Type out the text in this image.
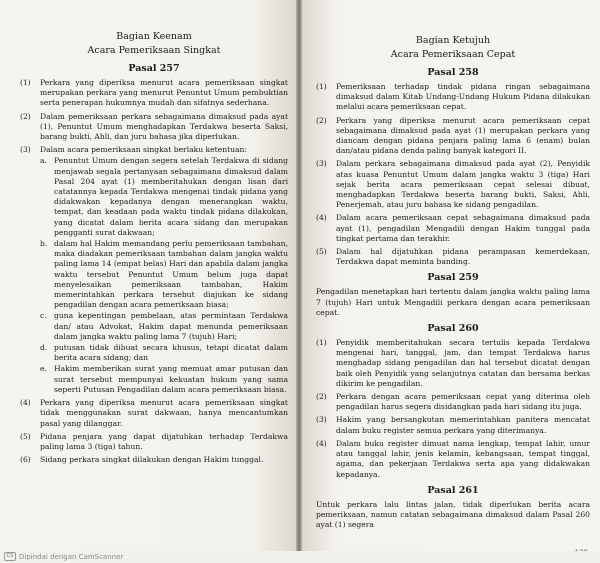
Bagian Keenam
Acara Pemeriksaan Singkat
Pasal 257
(1)	Perkara yang diperiksa menurut acara pemeriksaan singkat merupakan perkara yang menurut Penuntut Umum pembuktian serta penerapan hukumnya mudah dan sifatnya sederhana.
(2)	Dalam pemeriksaan perkara sebagaimana dimaksud pada ayat (1), Penuntut Umum menghadapkan Terdakwa beserta Saksi, barang bukti, Ahli, dan juru bahasa jika diperlukan.
(3)	Dalam acara pemeriksaan singkat berlaku ketentuan:
a. Penuntut Umum dengan segera setelah Terdakwa di sidang menjawab segala pertanyaan sebagaimana dimaksud dalam Pasal 204 ayat (1) memberitahukan dengan lisan dari catatannya kepada Terdakwa mengenai tindak pidana yang didakwakan kepadanya dengan menerangkan waktu, tempat, dan keadaan pada waktu tindak pidana dilakukan, yang dicatat dalam berita acara sidang dan merupakan pengganti surat dakwaan;
b. dalam hal Hakim memandang perlu pemeriksaan tambahan, maka diadakan pemeriksaan tambahan dalam jangka waktu paling lama 14 (empat belas) Hari dan apabila dalam jangka waktu tersebut Penuntut Umum belum juga dapat menyelesaikan pemeriksaan tambahan, Hakim memerintahkan perkara tersebut diajukan ke sidang pengadilan dengan acara pemeriksaan biasa;
c. guna kepentingan pembelaan, atas permintaan Terdakwa dan/ atau Advokat, Hakim dapat menunda pemeriksaan dalam jangka waktu paling lama 7 (tujuh) Hari;
d. putusan tidak dibuat secara khusus, tetapi dicatat dalam berita acara sidang; dan
e. Hakim memberikan surat yang memuat amar putusan dan surat tersebut mempunyai kekuatan hukum yang sama seperti Putusan Pengadilan dalam acara pemeriksaan biasa.
(4)	Perkara yang diperiksa menurut acara pemeriksaan singkat tidak menggunakan surat dakwaan, hanya mencantumkan pasal yang dilanggar.
(5)	Pidana penjara yang dapat dijatuhkan terhadap Terdakwa paling lama 3 (tiga) tahun.
(6)	Sidang perkara singkat dilakukan dengan Hakim tunggal.
Bagian Ketujuh
Acara Pemeriksaan Cepat
Pasal 258
(1)	Pemeriksaan terhadap tindak pidana ringan sebagaimana dimaksud dalam Kitab Undang-Undang Hukum Pidana dilakukan melalui acara pemeriksaan cepat.
(2)	Perkara yang diperiksa menurut acara pemeriksaan cepat sebagaimana dimaksud pada ayat (1) merupakan perkara yang diancam dengan pidana penjara paling lama 6 (enam) bulan dan/atau pidana denda paling banyak kategori II.
(3)	Dalam perkara sebagaimana dimaksud pada ayat (2), Penyidik atas kuasa Penuntut Umum dalam jangka waktu 3 (tiga) Hari sejak berita acara pemeriksaan cepat selesai dibuat, menghadapkan Terdakwa beserta barang bukti, Saksi, Ahli, Penerjemah, atau juru bahasa ke sidang pengadilan.
(4)	Dalam acara pemeriksaan cepat sebagaimana dimaksud pada ayat (1), pengadilan Mengadili dengan Hakim tunggal pada tingkat pertama dan terakhir.
(5)	Dalam hal dijatuhkan pidana perampasan kemerdekaan, Terdakwa dapat meminta banding.
Pasal 259
Pengadilan menetapkan hari tertentu dalam jangka waktu paling lama 7 (tujuh) Hari untuk Mengadili perkara dengan acara pemeriksaan cepat.
Pasal 260
(1)	Penyidik memberitahukan secara tertulis kepada Terdakwa mengenai hari, tanggal, jam, dan tempat Terdakwa harus menghadap sidang pengadilan dan hal tersebut dicatat dengan baik oleh Penyidik yang selanjutnya catatan dan bersama berkas dikirim ke pengadilan.
(2)	Perkara dengan acara pemeriksaan cepat yang diterima oleh pengadilan harus segera disidangkan pada hari sidang itu juga.
(3)	Hakim yang bersangkutan memerintahkan panitera mencatat dalam buku register semua perkara yang diterimanya.
(4)	Dalam buku register dimuat nama lengkap, tempat lahir, umur atau tanggal lahir, jenis kelamin, kebangsaan, tempat tinggal, agama, dan pekerjaan Terdakwa serta apa yang didakwakan kepadanya.
Pasal 261
Untuk perkara lalu lintas jalan, tidak diperlukan berita acara pemeriksaan, namun catatan sebagaimana dimaksud dalam Pasal 260 ayat (1) segera
CS Dipindai dengan CamScanner
